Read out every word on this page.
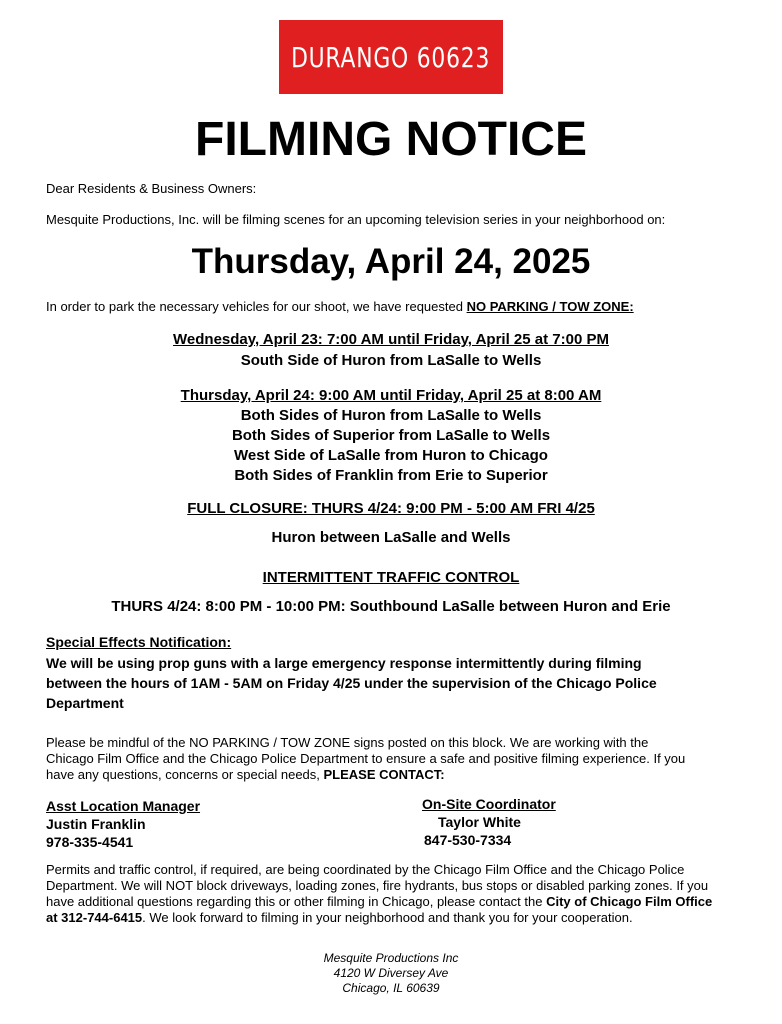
DURANGO 60623
FILMING NOTICE
Dear Residents & Business Owners:
Mesquite Productions, Inc. will be filming scenes for an upcoming television series in your neighborhood on:
Thursday, April 24, 2025
In order to park the necessary vehicles for our shoot, we have requested NO PARKING / TOW ZONE:
Wednesday, April 23: 7:00 AM until Friday, April 25 at 7:00 PM
South Side of Huron from LaSalle to Wells
Thursday, April 24: 9:00 AM until Friday, April 25 at 8:00 AM
Both Sides of Huron from LaSalle to Wells
Both Sides of Superior from LaSalle to Wells
West Side of LaSalle from Huron to Chicago
Both Sides of Franklin from Erie to Superior
FULL CLOSURE: THURS 4/24: 9:00 PM - 5:00 AM FRI 4/25
Huron between LaSalle and Wells
INTERMITTENT TRAFFIC CONTROL
THURS 4/24: 8:00 PM - 10:00 PM: Southbound LaSalle between Huron and Erie
Special Effects Notification:
We will be using prop guns with a large emergency response intermittently during filming
between the hours of 1AM - 5AM on Friday 4/25 under the supervision of the Chicago Police
Department
Please be mindful of the NO PARKING / TOW ZONE signs posted on this block. We are working with the
Chicago Film Office and the Chicago Police Department to ensure a safe and positive filming experience. If you
have any questions, concerns or special needs, PLEASE CONTACT:
Asst Location Manager
Justin Franklin
978-335-4541
On-Site Coordinator
Taylor White
847-530-7334
Permits and traffic control, if required, are being coordinated by the Chicago Film Office and the Chicago Police
Department. We will NOT block driveways, loading zones, fire hydrants, bus stops or disabled parking zones. If you
have additional questions regarding this or other filming in Chicago, please contact the City of Chicago Film Office
at 312-744-6415. We look forward to filming in your neighborhood and thank you for your cooperation.
Mesquite Productions Inc
4120 W Diversey Ave
Chicago, IL 60639
